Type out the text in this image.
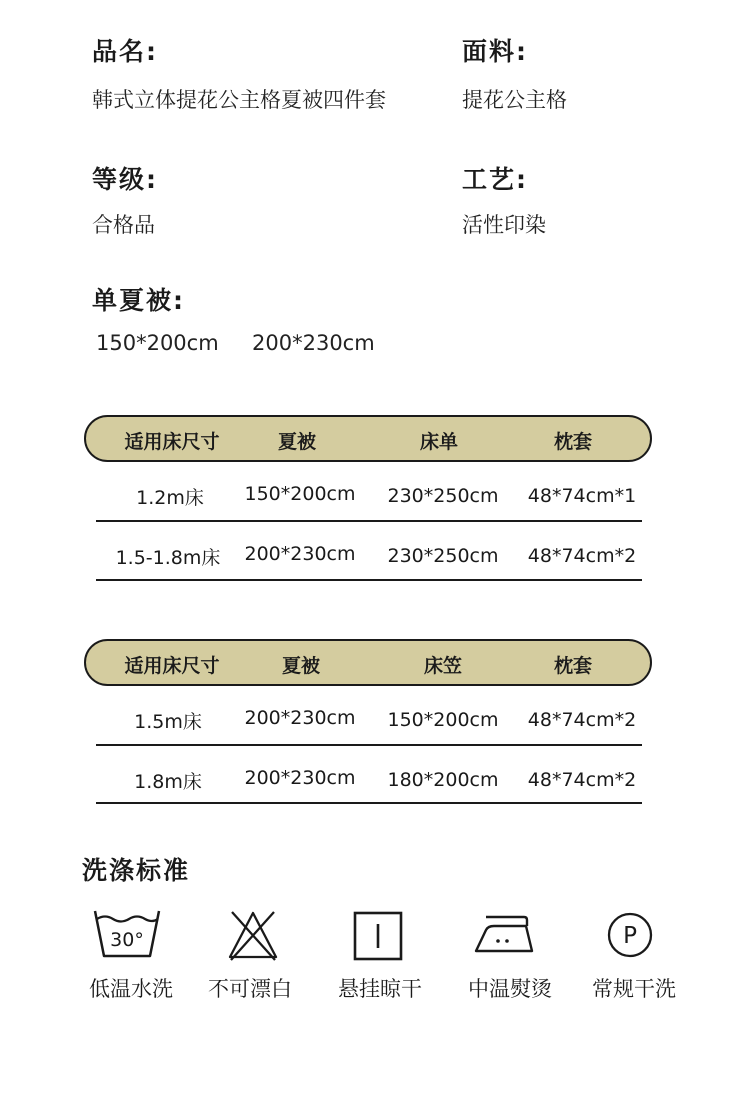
品名:
韩式立体提花公主格夏被四件套
面料:
提花公主格
等级:
合格品
工艺:
活性印染
单夏被:
150*200cm  200*230cm
适用床尺寸	夏被	床单	枕套
1.2m床 150*200cm 230*250cm 48*74cm*1
1.5-1.8m床 200*230cm 230*250cm 48*74cm*2
适用床尺寸	夏被	床笠	枕套
1.5m床 200*230cm 150*200cm 48*74cm*2
1.8m床 200*230cm 180*200cm 48*74cm*2
洗涤标准
30°	P
低温水洗 不可漂白 悬挂晾干 中温熨烫 常规干洗
